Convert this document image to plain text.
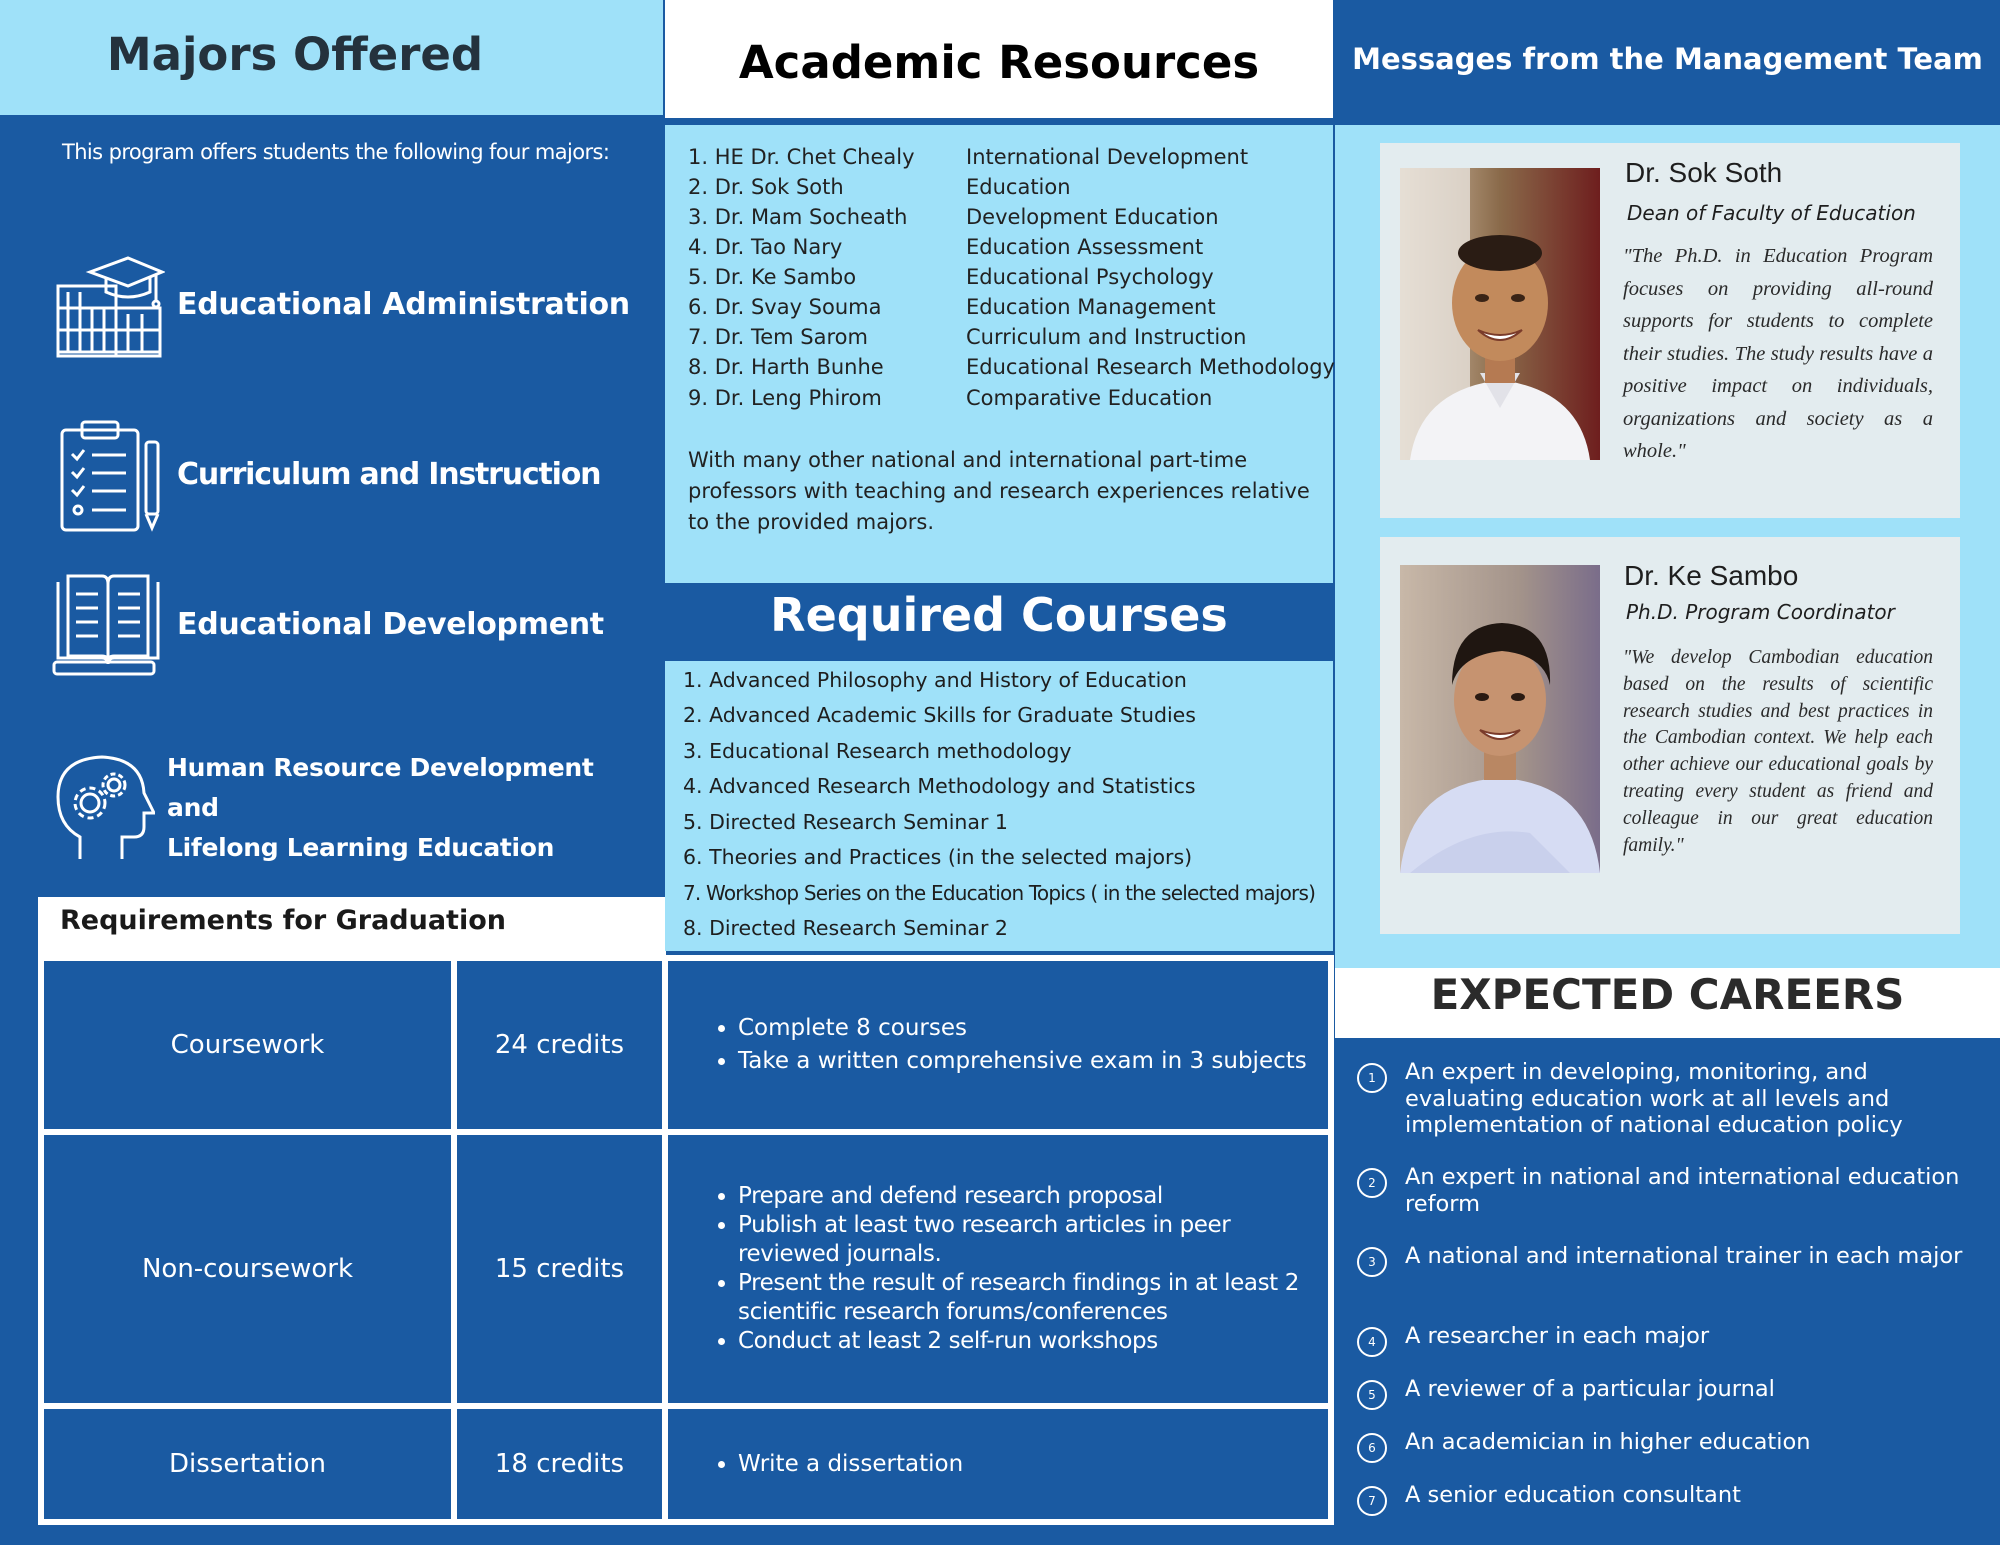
Majors Offered
This program offers students the following four majors:
Educational Administration
Curriculum and Instruction
Educational Development
Human Resource Development and
Lifelong Learning Education
Requirements for Graduation
Coursework	24 credits
• Complete 8 courses
• Take a written comprehensive exam in 3 subjects
Non-coursework	15 credits
• Prepare and defend research proposal
• Publish at least two research articles in peer reviewed journals.
• Present the result of research findings in at least 2 scientific research forums/conferences
• Conduct at least 2 self-run workshops
Dissertation	18 credits
•	Write a dissertation
Academic Resources
1. HE Dr. Chet Chealy International Development
2. Dr. Sok Soth	Education
3. Dr. Mam Socheath	Development Education
4. Dr. Tao Nary	Education Assessment
5. Dr. Ke Sambo	Educational Psychology
6. Dr. Svay Souma	Education Management
7. Dr. Tem Sarom	Curriculum and Instruction
8. Dr. Harth Bunhe	Educational Research Methodology
9. Dr. Leng Phirom	Comparative Education
With many other national and international part-time professors with teaching and research experiences relative to the provided majors.
Required Courses
1. Advanced Philosophy and History of Education
2. Advanced Academic Skills for Graduate Studies
3. Educational Research methodology
4. Advanced Research Methodology and Statistics
5. Directed Research Seminar 1
6. Theories and Practices (in the selected majors)
7. Workshop Series on the Education Topics ( in the selected majors)
8. Directed Research Seminar 2
Messages from the Management Team
Dr. Sok Soth
Dean of Faculty of Education
"The Ph.D. in Education Program focuses on providing all-round supports for students to complete their studies. The study results have a positive impact on individuals, organizations and society as a whole."
Dr. Ke Sambo
Ph.D. Program Coordinator
"We develop Cambodian education based on the results of scientific research studies and best practices in the Cambodian context. We help each other achieve our educational goals by treating every student as friend and colleague in our great education family."
EXPECTED CAREERS
1	An expert in developing, monitoring, and evaluating education work at all levels and implementation of national education policy
2	An expert in national and international education reform
3	A national and international trainer in each major
4	A researcher in each major
5	A reviewer of a particular journal
6	An academician in higher education
7	A senior education consultant
